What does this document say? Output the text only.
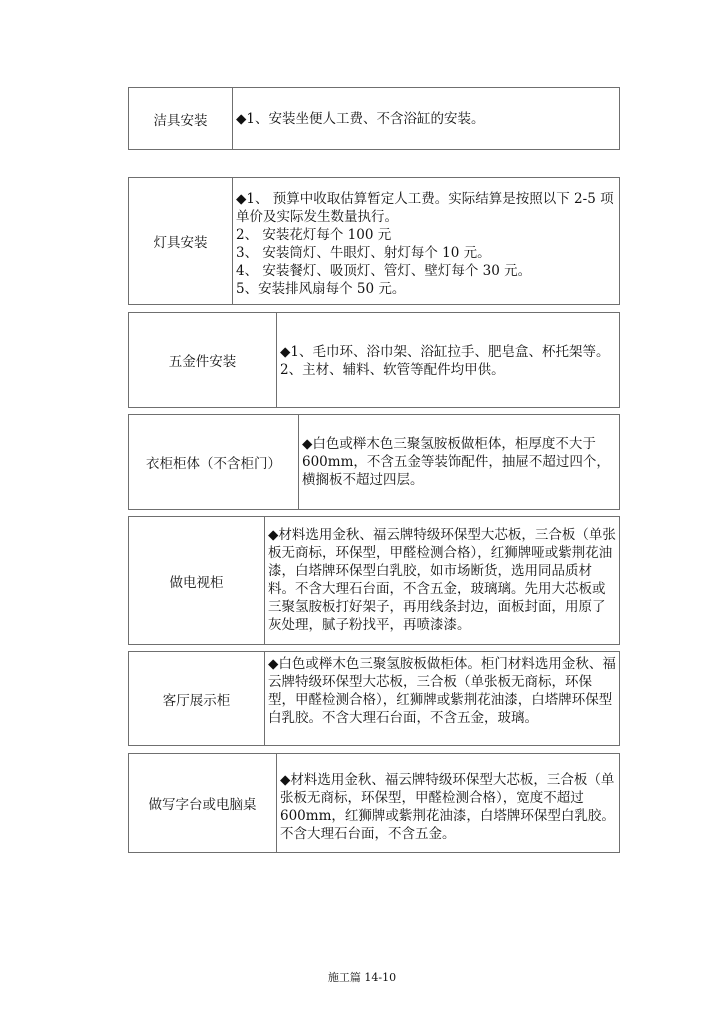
洁具安装	◆1、安装坐便人工费、不含浴缸的安装。

灯具安装

◆1、 预算中收取估算暂定人工费。实际结算是按照以下 2-5 项单价及实际发生数量执行。

2、 安装花灯每个 100 元

3、 安装筒灯、牛眼灯、射灯每个 10 元。

4、 安装餐灯、吸顶灯、管灯、壁灯每个 30 元。

5、安装排风扇每个 50 元。

五金件安装

◆1、毛巾环、浴巾架、浴缸拉手、肥皂盒、杯托架等。2、主材、辅料、软管等配件均甲供。

衣柜柜体（不含柜门）

◆白色或榉木色三聚氢胺板做柜体，柜厚度不大于 600mm，不含五金等装饰配件，抽屉不超过四个，横搁板不超过四层。

做电视柜

◆材料选用金秋、福云牌特级环保型大芯板，三合板（单张板无商标，环保型，甲醛检测合格），红狮牌哑或紫荆花油漆，白塔牌环保型白乳胶，如市场断货，选用同品质材料。不含大理石台面，不含五金，玻璃璃。先用大芯板或三聚氢胺板打好架子，再用线条封边，面板封面，用原了灰处理，腻子粉找平，再喷漆漆。

客厅展示柜

◆白色或榉木色三聚氢胺板做柜体。柜门材料选用金秋、福云牌特级环保型大芯板，三合板（单张板无商标，环保型，甲醛检测合格），红狮牌或紫荆花油漆，白塔牌环保型白乳胶。不含大理石台面，不含五金，玻璃。

做写字台或电脑桌

◆材料选用金秋、福云牌特级环保型大芯板，三合板（单张板无商标，环保型，甲醛检测合格），宽度不超过 600mm，红狮牌或紫荆花油漆，白塔牌环保型白乳胶。不含大理石台面，不含五金。

施工篇 14-10
